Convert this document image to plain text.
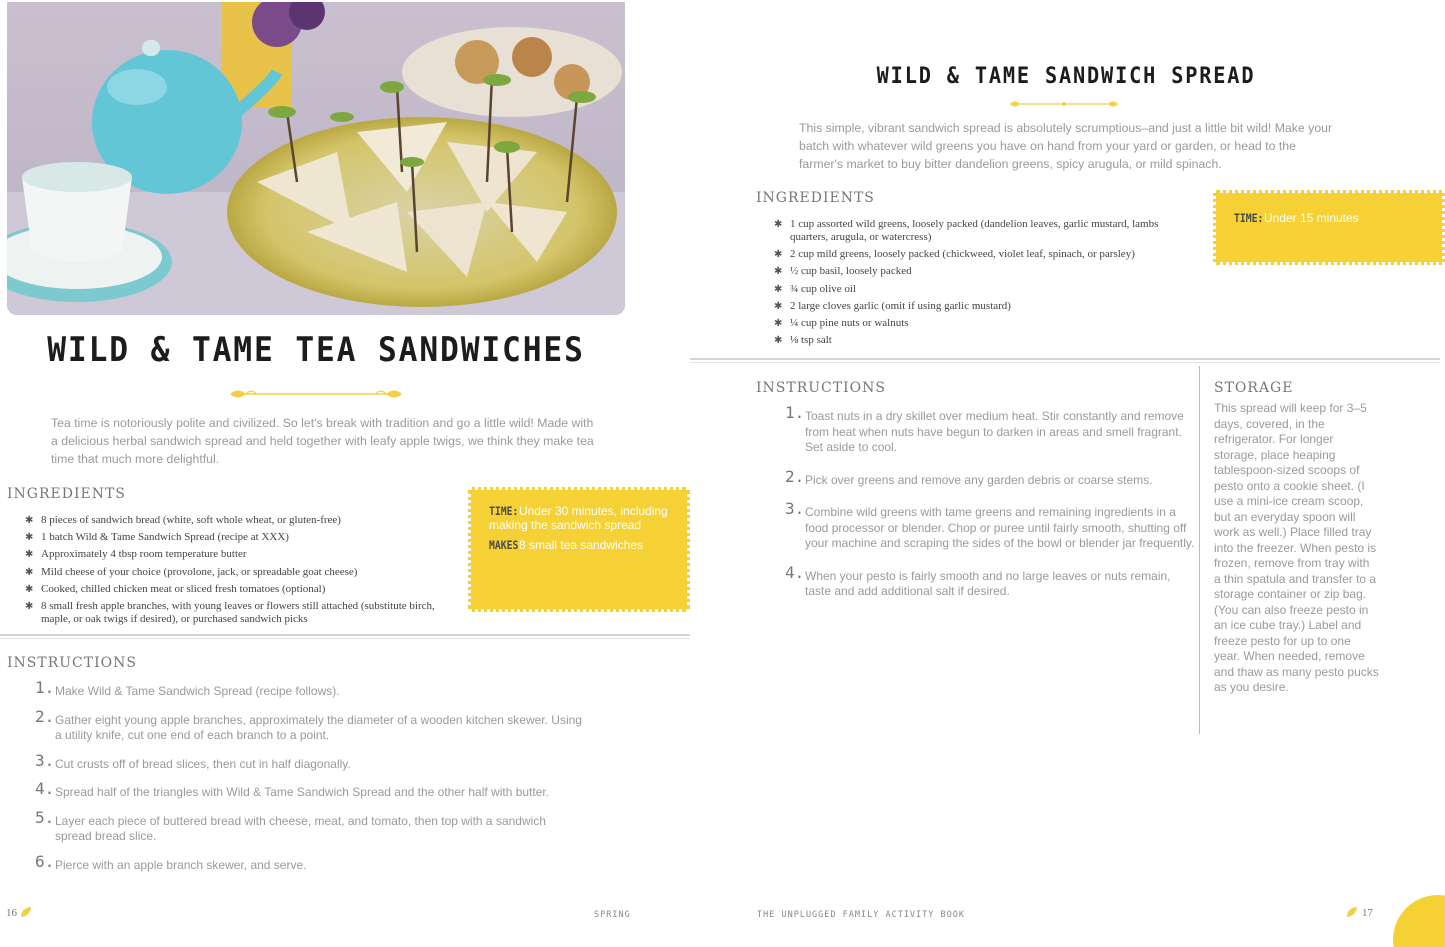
WILD & TAME TEA SANDWICHES

Tea time is notoriously polite and civilized. So let's break with tradition and go a little wild! Made with a delicious herbal sandwich spread and held together with leafy apple twigs, we think they make tea time that much more delightful.

INGREDIENTS
✱ 8 pieces of sandwich bread (white, soft whole wheat, or gluten-free)
✱ 1 batch Wild & Tame Sandwich Spread (recipe at XXX)
✱ Approximately 4 tbsp room temperature butter
✱ Mild cheese of your choice (provolone, jack, or spreadable goat cheese)
✱ Cooked, chilled chicken meat or sliced fresh tomatoes (optional)
✱ 8 small fresh apple branches, with young leaves or flowers still attached (substitute birch, maple, or oak twigs if desired), or purchased sandwich picks
TIME: Under 30 minutes, including making the sandwich spread
MAKES 8 small tea sandwiches
INSTRUCTIONS
1. Make Wild & Tame Sandwich Spread (recipe follows).
2. Gather eight young apple branches, approximately the diameter of a wooden kitchen skewer. Using a utility knife, cut one end of each branch to a point.
3. Cut crusts off of bread slices, then cut in half diagonally.
4. Spread half of the triangles with Wild & Tame Sandwich Spread and the other half with butter.
5. Layer each piece of buttered bread with cheese, meat, and tomato, then top with a sandwich spread bread slice.
6. Pierce with an apple branch skewer, and serve.
16	SPRING
WILD & TAME SANDWICH SPREAD

This simple, vibrant sandwich spread is absolutely scrumptious–and just a little bit wild! Make your batch with whatever wild greens you have on hand from your yard or garden, or head to the farmer's market to buy bitter dandelion greens, spicy arugula, or mild spinach.

INGREDIENTS
✱ 1 cup assorted wild greens, loosely packed (dandelion leaves, garlic mustard, lambs quarters, arugula, or watercress)
✱ 2 cup mild greens, loosely packed (chickweed, violet leaf, spinach, or parsley)
✱ ½ cup basil, loosely packed
✱ ¾ cup olive oil
✱ 2 large cloves garlic (omit if using garlic mustard)
✱ ¼ cup pine nuts or walnuts
✱ ⅛ tsp salt
TIME: Under 15 minutes
INSTRUCTIONS
1. Toast nuts in a dry skillet over medium heat. Stir constantly and remove from heat when nuts have begun to darken in areas and smell fragrant. Set aside to cool.
2. Pick over greens and remove any garden debris or coarse stems.
3. Combine wild greens with tame greens and remaining ingredients in a food processor or blender. Chop or puree until fairly smooth, shutting off your machine and scraping the sides of the bowl or blender jar frequently.
4. When your pesto is fairly smooth and no large leaves or nuts remain, taste and add additional salt if desired.
STORAGE

This spread will keep for 3–5 days, covered, in the refrigerator. For longer storage, place heaping tablespoon-sized scoops of pesto onto a cookie sheet. (I use a mini-ice cream scoop, but an everyday spoon will work as well.) Place filled tray into the freezer. When pesto is frozen, remove from tray with a thin spatula and transfer to a storage container or zip bag. (You can also freeze pesto in an ice cube tray.) Label and freeze pesto for up to one year. When needed, remove and thaw as many pesto pucks as you desire.

THE UNPLUGGED FAMILY ACTIVITY BOOK	17
